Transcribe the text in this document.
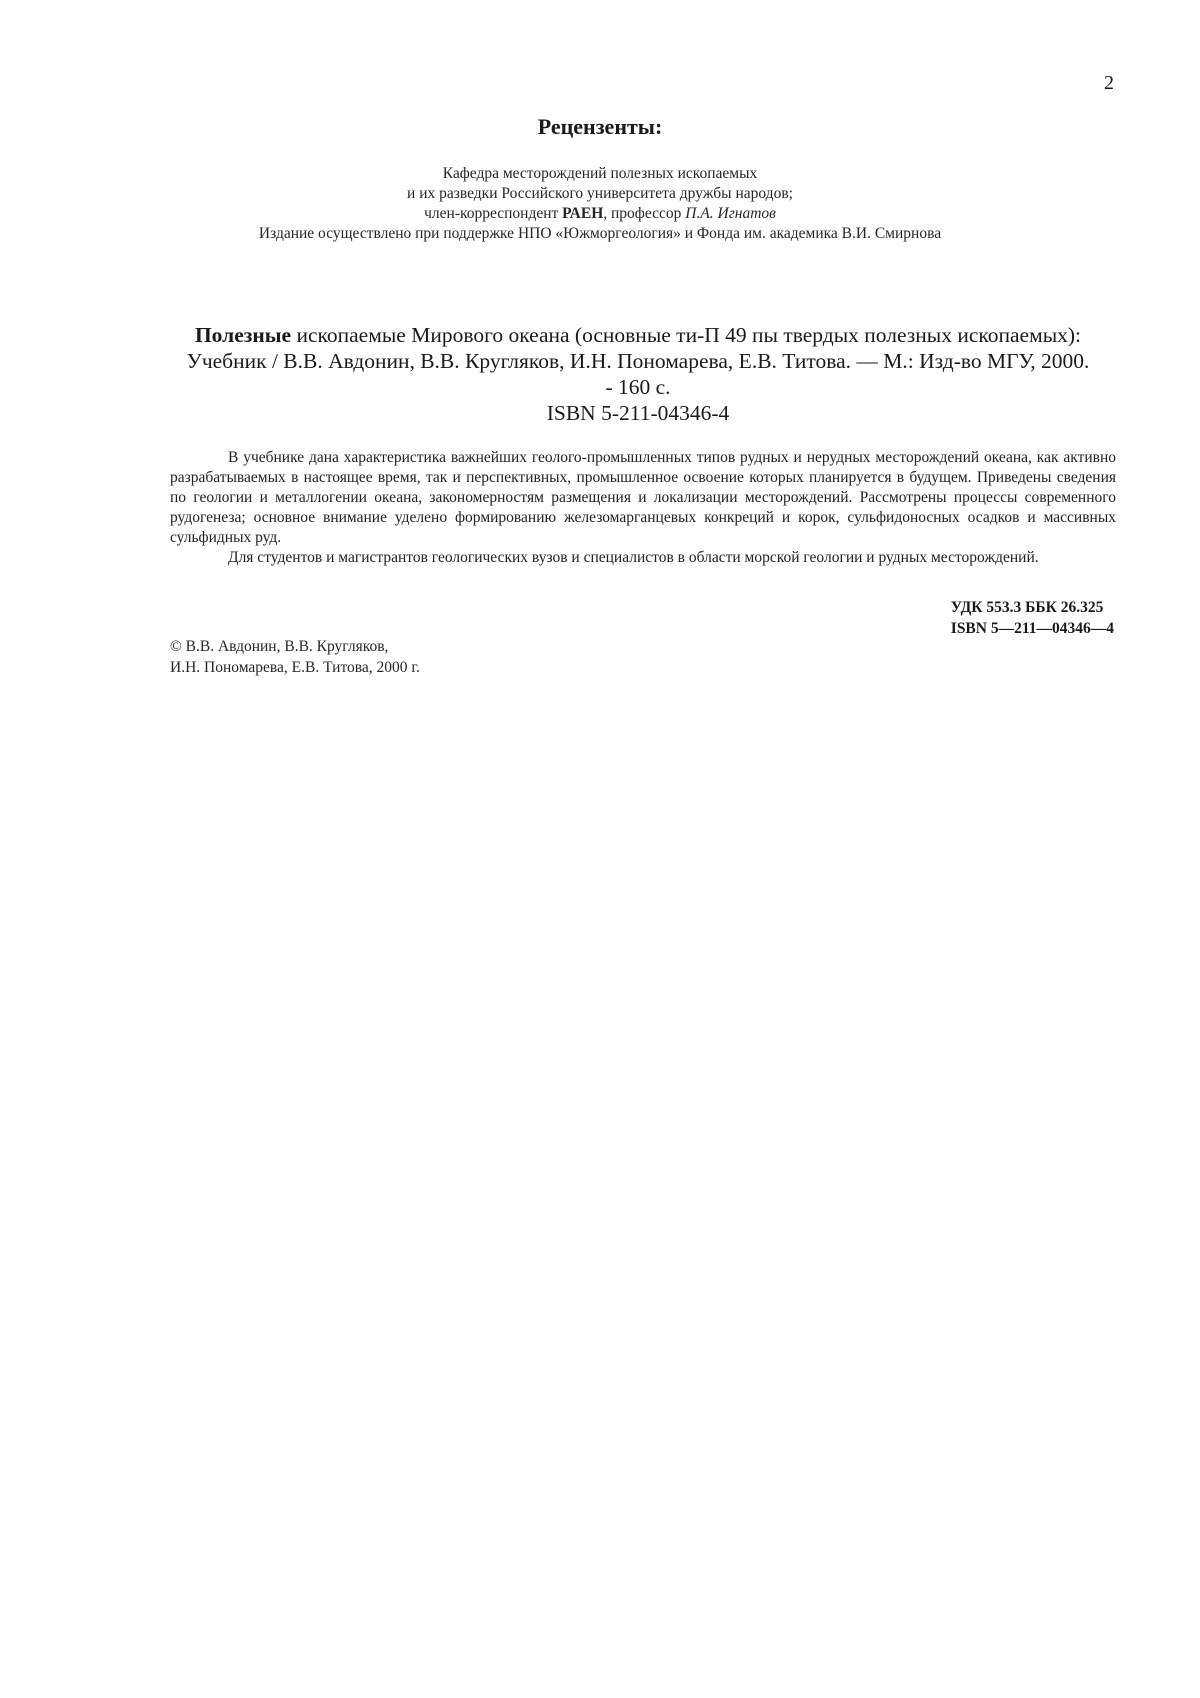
2
Рецензенты:
Кафедра месторождений полезных ископаемых
и их разведки Российского университета дружбы народов;
член-корреспондент РАЕН, профессор П.А. Игнатов
Издание осуществлено при поддержке НПО «Южморгеология» и Фонда им. академика В.И. Смирнова
Полезные ископаемые Мирового океана (основные ти-П 49 пы твердых полезных ископаемых):
Учебник / В.В. Авдонин, В.В. Кругляков, И.Н. Пономарева, Е.В. Титова. — М.: Изд-во МГУ, 2000.
- 160 с.
ISBN 5-211-04346-4

В учебнике дана характеристика важнейших геолого-промышленных типов рудных и нерудных месторождений океана, как активно разрабатываемых в настоящее время, так и перспективных, промышленное освоение которых планируется в будущем. Приведены сведения по геологии и металлогении океана, закономерностям размещения и локализации месторождений. Рассмотрены процессы современного рудогенеза; основное внимание уделено формированию железомарганцевых конкреций и корок, сульфидоносных осадков и массивных сульфидных руд.

Для студентов и магистрантов геологических вузов и специалистов в области морской геологии и рудных месторождений.

УДК 553.3 ББК 26.325
ISBN 5—211—04346—4
© В.В. Авдонин, В.В. Кругляков,
И.Н. Пономарева, Е.В. Титова, 2000 г.
